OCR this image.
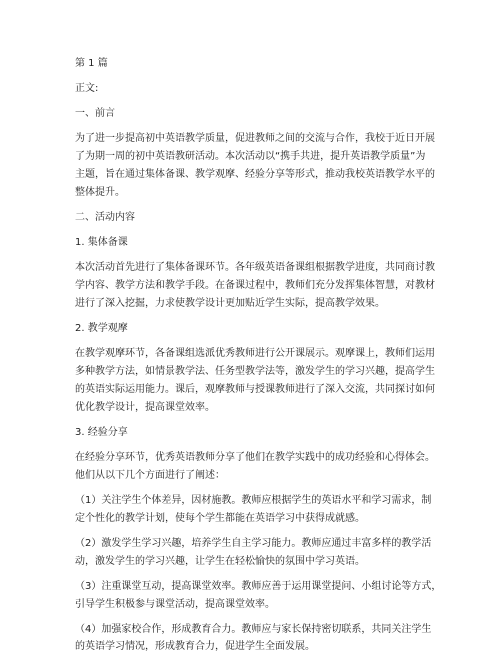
第 1 篇

正文:

一、前言

为了进一步提高初中英语教学质量，促进教师之间的交流与合作，我校于近日开展

了为期一周的初中英语教研活动。本次活动以“携手共进，提升英语教学质量”为

主题，旨在通过集体备课、教学观摩、经验分享等形式，推动我校英语教学水平的

整体提升。

二、活动内容

1. 集体备课

本次活动首先进行了集体备课环节。各年级英语备课组根据教学进度，共同商讨教

学内容、教学方法和教学手段。在备课过程中，教师们充分发挥集体智慧，对教材

进行了深入挖掘，力求使教学设计更加贴近学生实际，提高教学效果。

2. 教学观摩

在教学观摩环节，各备课组选派优秀教师进行公开课展示。观摩课上，教师们运用

多种教学方法，如情景教学法、任务型教学法等，激发学生的学习兴趣，提高学生

的英语实际运用能力。课后，观摩教师与授课教师进行了深入交流，共同探讨如何

优化教学设计，提高课堂效率。

3. 经验分享

在经验分享环节，优秀英语教师分享了他们在教学实践中的成功经验和心得体会。

他们从以下几个方面进行了阐述：

（1）关注学生个体差异，因材施教。教师应根据学生的英语水平和学习需求，制

定个性化的教学计划，使每个学生都能在英语学习中获得成就感。

（2）激发学生学习兴趣，培养学生自主学习能力。教师应通过丰富多样的教学活

动，激发学生的学习兴趣，让学生在轻松愉快的氛围中学习英语。

（3）注重课堂互动，提高课堂效率。教师应善于运用课堂提问、小组讨论等方式，

引导学生积极参与课堂活动，提高课堂效率。

（4）加强家校合作，形成教育合力。教师应与家长保持密切联系，共同关注学生

的英语学习情况，形成教育合力，促进学生全面发展。
